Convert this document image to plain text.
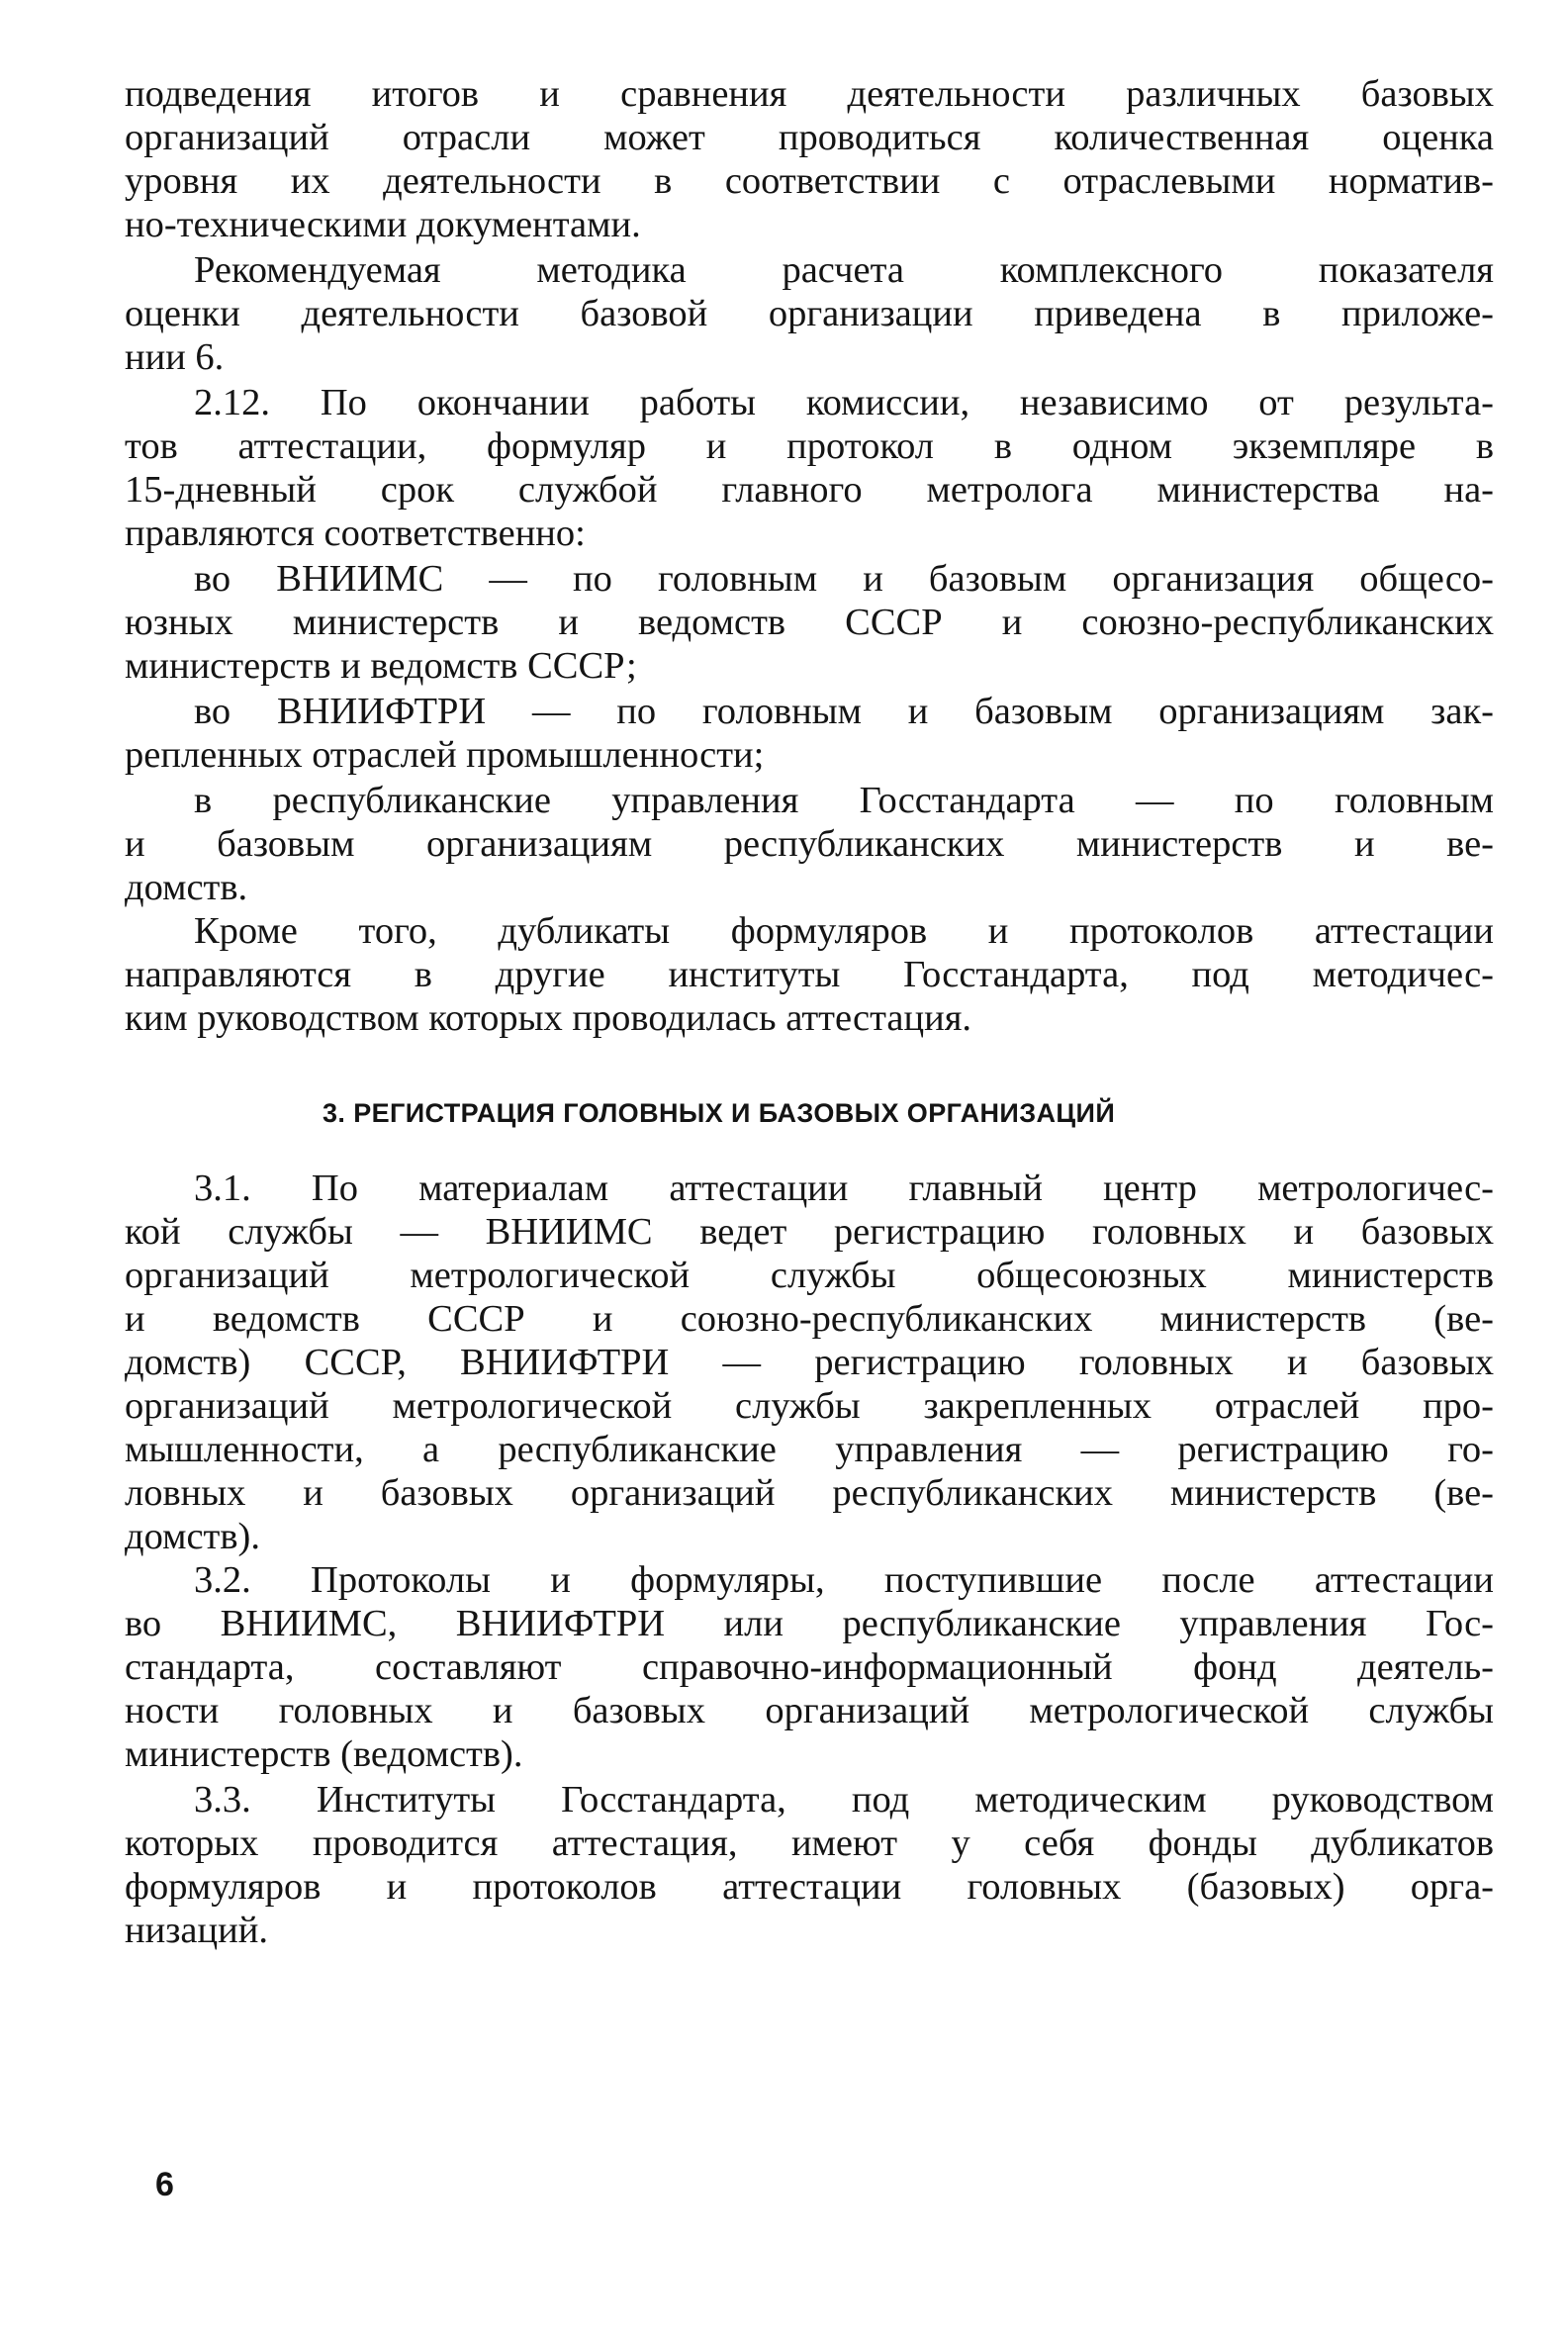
подведения итогов и сравнения деятельности различных базовых
организаций отрасли может проводиться количественная оценка
уровня их деятельности в соответствии с отраслевыми норматив-
но-техническими документами.
Рекомендуемая методика расчета комплексного показателя
оценки деятельности базовой организации приведена в приложе-
нии 6.
2.12. По окончании работы комиссии, независимо от результа-
тов аттестации, формуляр и протокол в одном экземпляре в
15-дневный срок службой главного метролога министерства на-
правляются соответственно:
во ВНИИМС — по головным и базовым организация общесо-
юзных министерств и ведомств СССР и союзно-республиканских
министерств и ведомств СССР;
во ВНИИФТРИ — по головным и базовым организациям зак-
репленных отраслей промышленности;
в республиканские управления Госстандарта — по головным
и базовым организациям республиканских министерств и ве-
домств.
Кроме того, дубликаты формуляров и протоколов аттестации
направляются в другие институты Госстандарта, под методичес-
ким руководством которых проводилась аттестация.
3. РЕГИСТРАЦИЯ ГОЛОВНЫХ И БАЗОВЫХ ОРГАНИЗАЦИЙ
3.1. По материалам аттестации главный центр метрологичес-
кой службы — ВНИИМС ведет регистрацию головных и базовых
организаций метрологической службы общесоюзных министерств
и ведомств СССР и союзно-республиканских министерств (ве-
домств) СССР, ВНИИФТРИ — регистрацию головных и базовых
организаций метрологической службы закрепленных отраслей про-
мышленности, а республиканские управления — регистрацию го-
ловных и базовых организаций республиканских министерств (ве-
домств).
3.2. Протоколы и формуляры, поступившие после аттестации
во ВНИИМС, ВНИИФТРИ или республиканские управления Гос-
стандарта, составляют справочно-информационный фонд деятель-
ности головных и базовых организаций метрологической службы
министерств (ведомств).
3.3. Институты Госстандарта, под методическим руководством
которых проводится аттестация, имеют у себя фонды дубликатов
формуляров и протоколов аттестации головных (базовых) орга-
низаций.
6
